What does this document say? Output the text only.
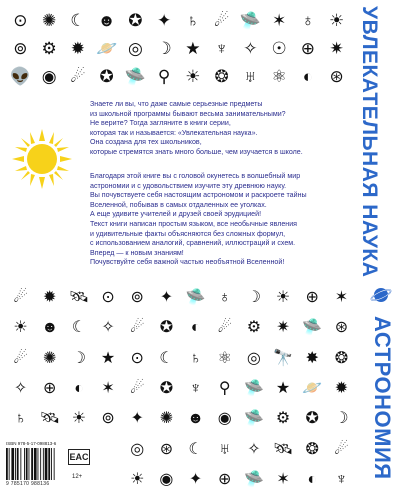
⊙ ✺ ☾ ☻ ✪ ✦ ♄ ☄ 🛸 ✶ ♁ ☀
⊚ ⚙ ✹ 🪐 ◎ ☽ ★ ♆ ✧ ☉ ⊕ ✷
👽 ◉ ☄ ✪ 🛸 ⚲ ☀ ❂ ♅ ⚛ ◐ ⊛

Знаете ли вы, что даже самые серьезные предметы

из школьной программы бывают весьма занимательными?

Не верите? Тогда загляните в книги серии,

которая так и называется: «Увлекательная наука».

Она создана для тех школьников,

которые стремятся знать много больше, чем изучается в школе.

Благодаря этой книге вы с головой окунетесь в волшебный мир

астрономии и с удовольствием изучите эту древнюю науку.

Вы почувствуете себя настоящим астрономом и раскроете тайны

Вселенной, побывав в самых отдаленных ее уголках.

А еще удивите учителей и друзей своей эрудицией!

Текст книги написан простым языком, все необычные явления

и удивительные факты объясняются без сложных формул,

с использованием аналогий, сравнений, иллюстраций и схем.

Вперед — к новым знаниям!

Почувствуйте себя важной частью необъятной Вселенной!

☄ ✹ 🛰 ⊙ ⊚ ✦ 🛸 ♁	☽ ☀ ⊕ ✶
☀ ☻ ☾ ✧ ☄ ✪	◐	☄ ⚙ ✷ 🛸 ⊛
☄ ✺ ☽ ★ ⊙ ☾ ♄	⚛ ◎ 🔭 ✸ ❂
✧ ⊕	◐	✶ ☄ ✪	♆	⚲ 🛸 ★ 🪐 ✹
♄ 🛰 ☀ ⊚ ✦ ✺ ☻ ◉ 🛸 ⚙ ✪ ☽
◎ ⊛ ☾	♅	✧ 🛰 ❂ ☄
☀ ◉ ✦ ⊕ 🛸 ✶	◐	♆
ISBN 978-5-17-098813-6
9 785170 988136
EAC
12+
УВЛЕКАТЕЛЬНАЯ НАУКА
АСТРОНОМИЯ
